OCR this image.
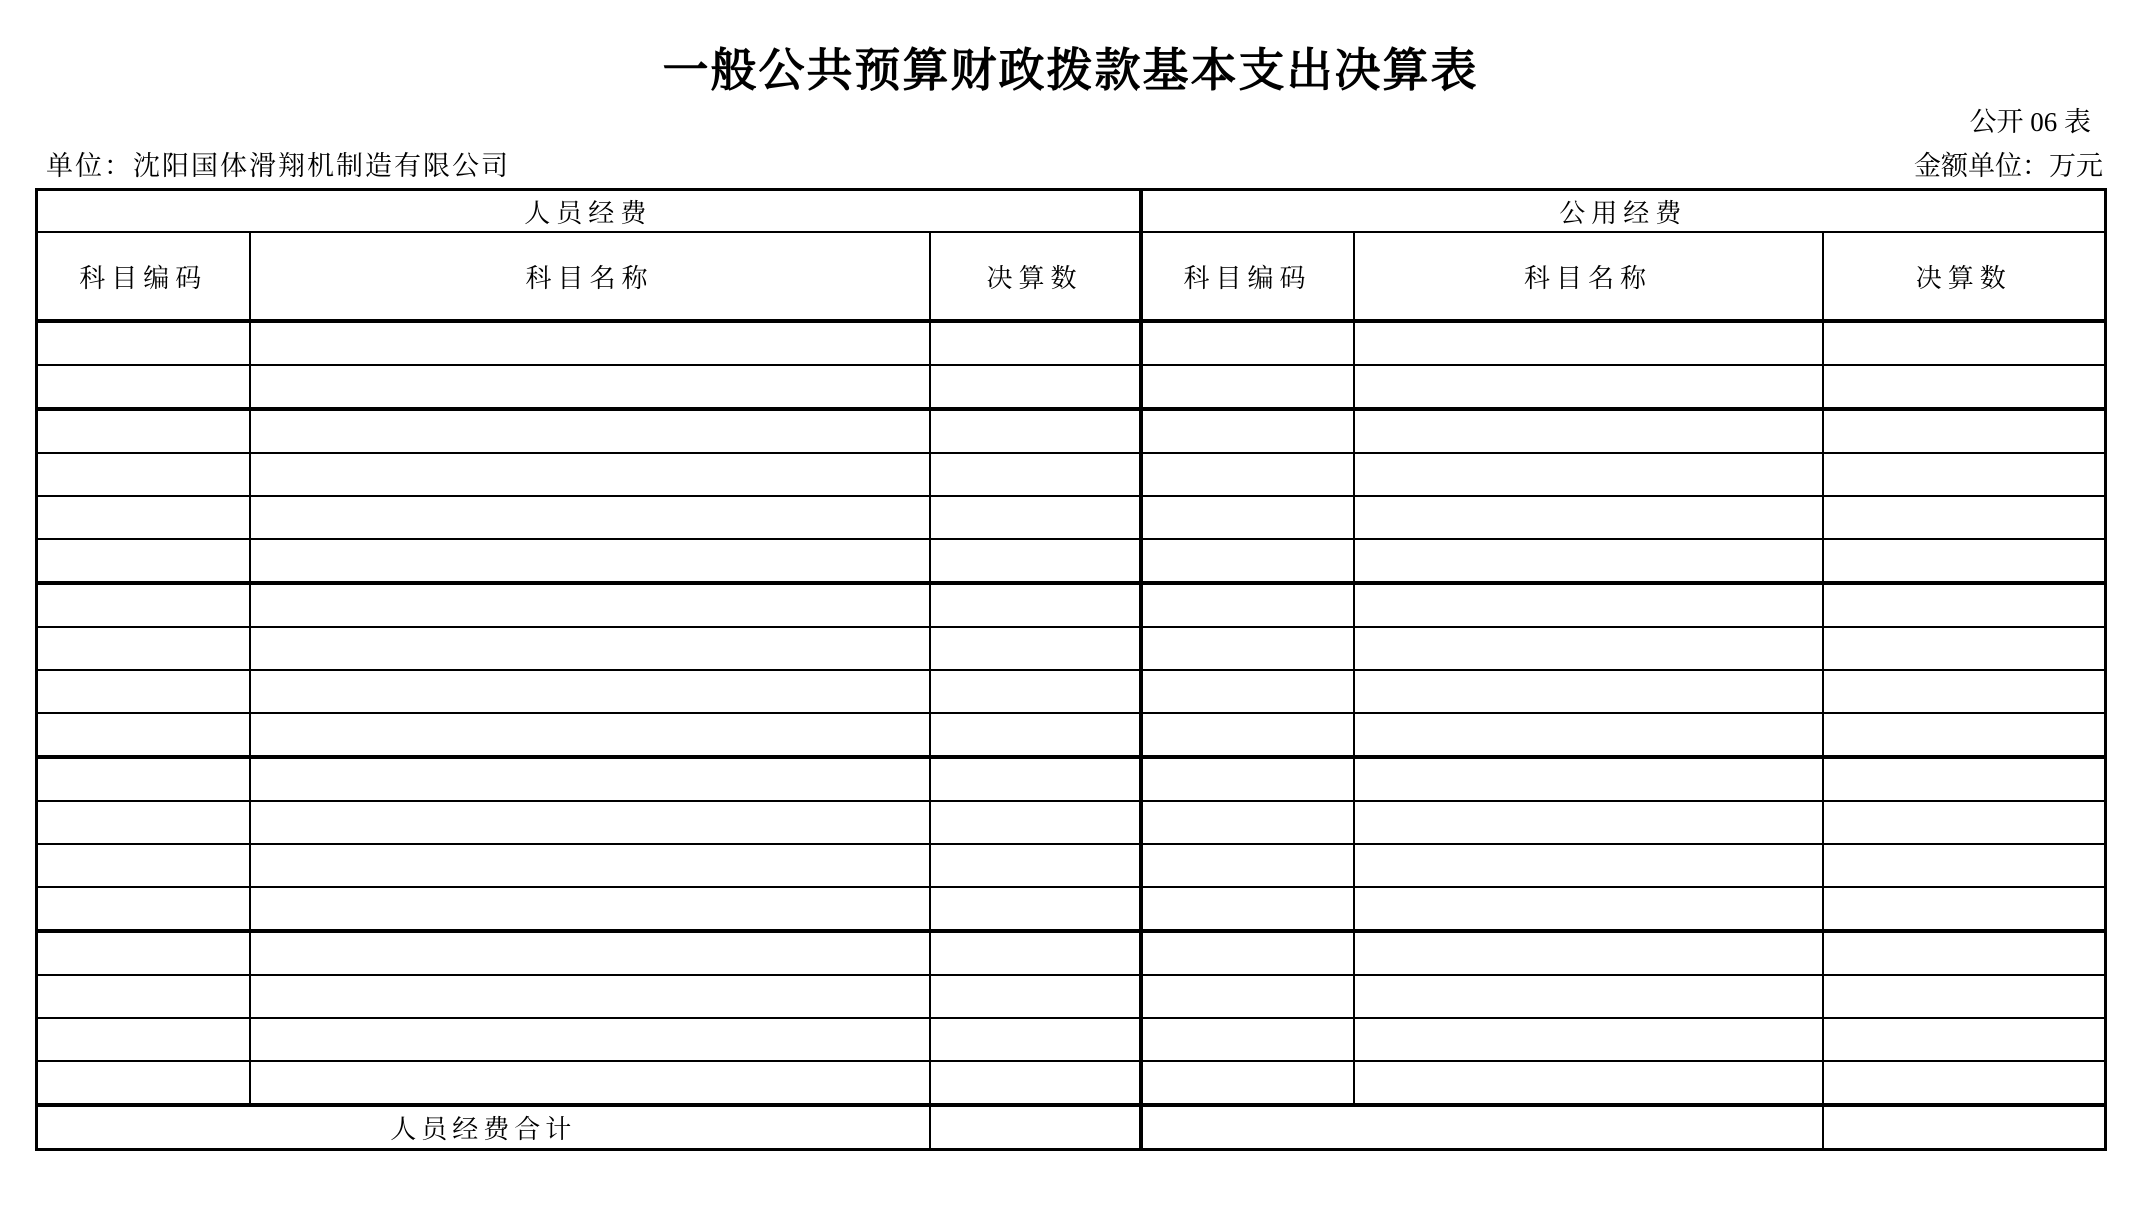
一般公共预算财政拨款基本支出决算表
公开 06 表
单位：沈阳国体滑翔机制造有限公司	金额单位：万元
人员经费			公用经费		
科目编码	科目名称	决算数	科目编码	科目名称	决算数

人员经费合计					
